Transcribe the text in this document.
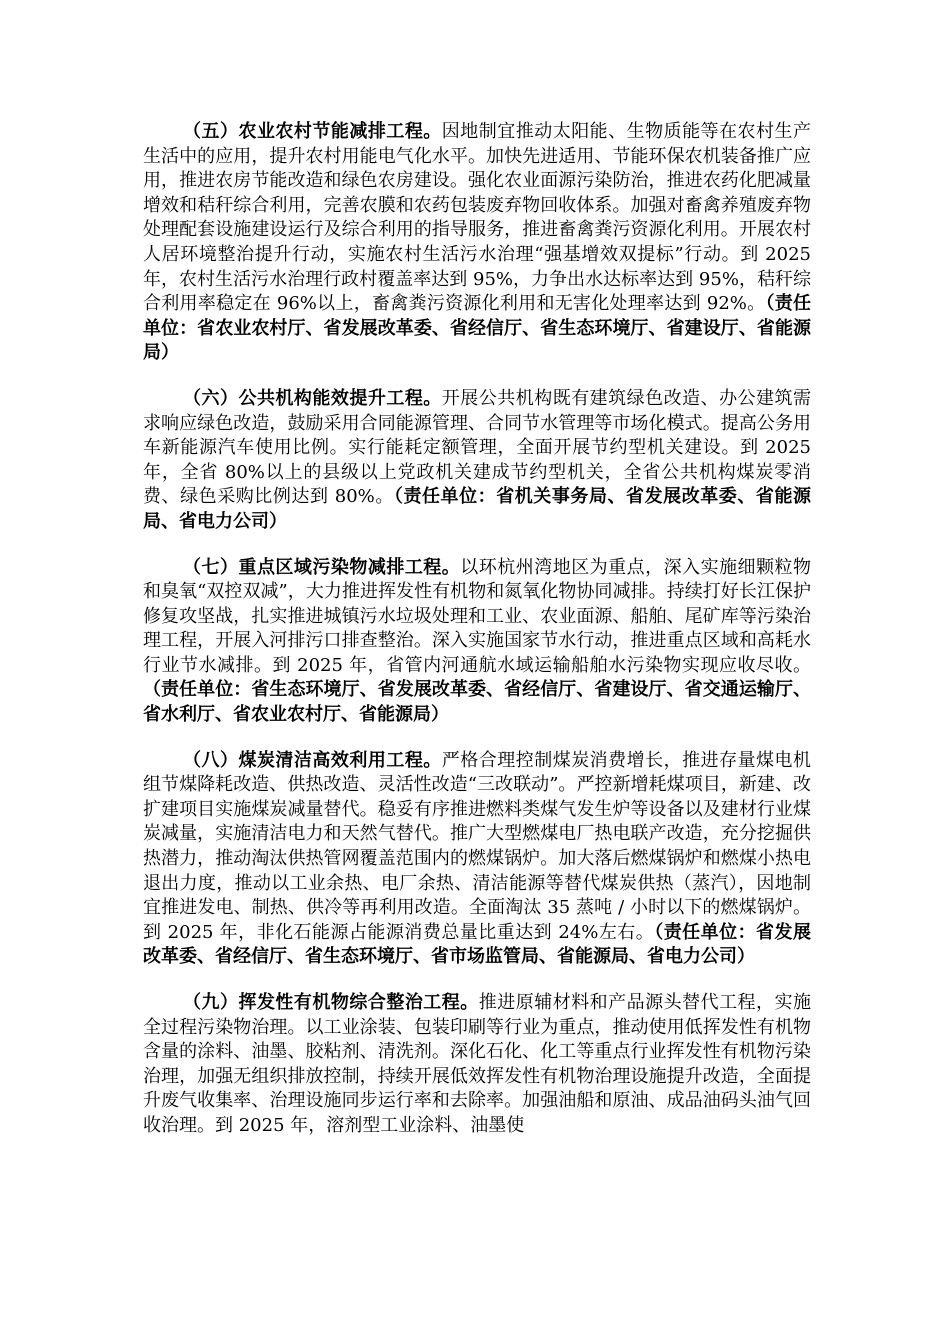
（五）农业农村节能减排工程。因地制宜推动太阳能、生物质能等在农村生产生活中的应用，提升农村用能电气化水平。加快先进适用、节能环保农机装备推广应用，推进农房节能改造和绿色农房建设。强化农业面源污染防治，推进农药化肥减量增效和秸秆综合利用，完善农膜和农药包装废弃物回收体系。加强对畜禽养殖废弃物处理配套设施建设运行及综合利用的指导服务，推进畜禽粪污资源化利用。开展农村人居环境整治提升行动，实施农村生活污水治理“强基增效双提标”行动。到 2025 年，农村生活污水治理行政村覆盖率达到 95%，力争出水达标率达到 95%，秸秆综合利用率稳定在 96%以上，畜禽粪污资源化利用和无害化处理率达到 92%。（责任单位：省农业农村厅、省发展改革委、省经信厅、省生态环境厅、省建设厅、省能源局）

（六）公共机构能效提升工程。开展公共机构既有建筑绿色改造、办公建筑需求响应绿色改造，鼓励采用合同能源管理、合同节水管理等市场化模式。提高公务用车新能源汽车使用比例。实行能耗定额管理，全面开展节约型机关建设。到 2025 年，全省 80%以上的县级以上党政机关建成节约型机关，全省公共机构煤炭零消费、绿色采购比例达到 80%。（责任单位：省机关事务局、省发展改革委、省能源局、省电力公司）

（七）重点区域污染物减排工程。以环杭州湾地区为重点，深入实施细颗粒物和臭氧“双控双减”，大力推进挥发性有机物和氮氧化物协同减排。持续打好长江保护修复攻坚战，扎实推进城镇污水垃圾处理和工业、农业面源、船舶、尾矿库等污染治理工程，开展入河排污口排查整治。深入实施国家节水行动，推进重点区域和高耗水行业节水减排。到 2025 年，省管内河通航水域运输船舶水污染物实现应收尽收。（责任单位：省生态环境厅、省发展改革委、省经信厅、省建设厅、省交通运输厅、省水利厅、省农业农村厅、省能源局）

（八）煤炭清洁高效利用工程。严格合理控制煤炭消费增长，推进存量煤电机组节煤降耗改造、供热改造、灵活性改造“三改联动”。严控新增耗煤项目，新建、改扩建项目实施煤炭减量替代。稳妥有序推进燃料类煤气发生炉等设备以及建材行业煤炭减量，实施清洁电力和天然气替代。推广大型燃煤电厂热电联产改造，充分挖掘供热潜力，推动淘汰供热管网覆盖范围内的燃煤锅炉。加大落后燃煤锅炉和燃煤小热电退出力度，推动以工业余热、电厂余热、清洁能源等替代煤炭供热（蒸汽），因地制宜推进发电、制热、供冷等再利用改造。全面淘汰 35 蒸吨 / 小时以下的燃煤锅炉。到 2025 年，非化石能源占能源消费总量比重达到 24%左右。（责任单位：省发展改革委、省经信厅、省生态环境厅、省市场监管局、省能源局、省电力公司）

（九）挥发性有机物综合整治工程。推进原辅材料和产品源头替代工程，实施全过程污染物治理。以工业涂装、包装印刷等行业为重点，推动使用低挥发性有机物含量的涂料、油墨、胶粘剂、清洗剂。深化石化、化工等重点行业挥发性有机物污染治理，加强无组织排放控制，持续开展低效挥发性有机物治理设施提升改造，全面提升废气收集率、治理设施同步运行率和去除率。加强油船和原油、成品油码头油气回收治理。到 2025 年，溶剂型工业涂料、油墨使
